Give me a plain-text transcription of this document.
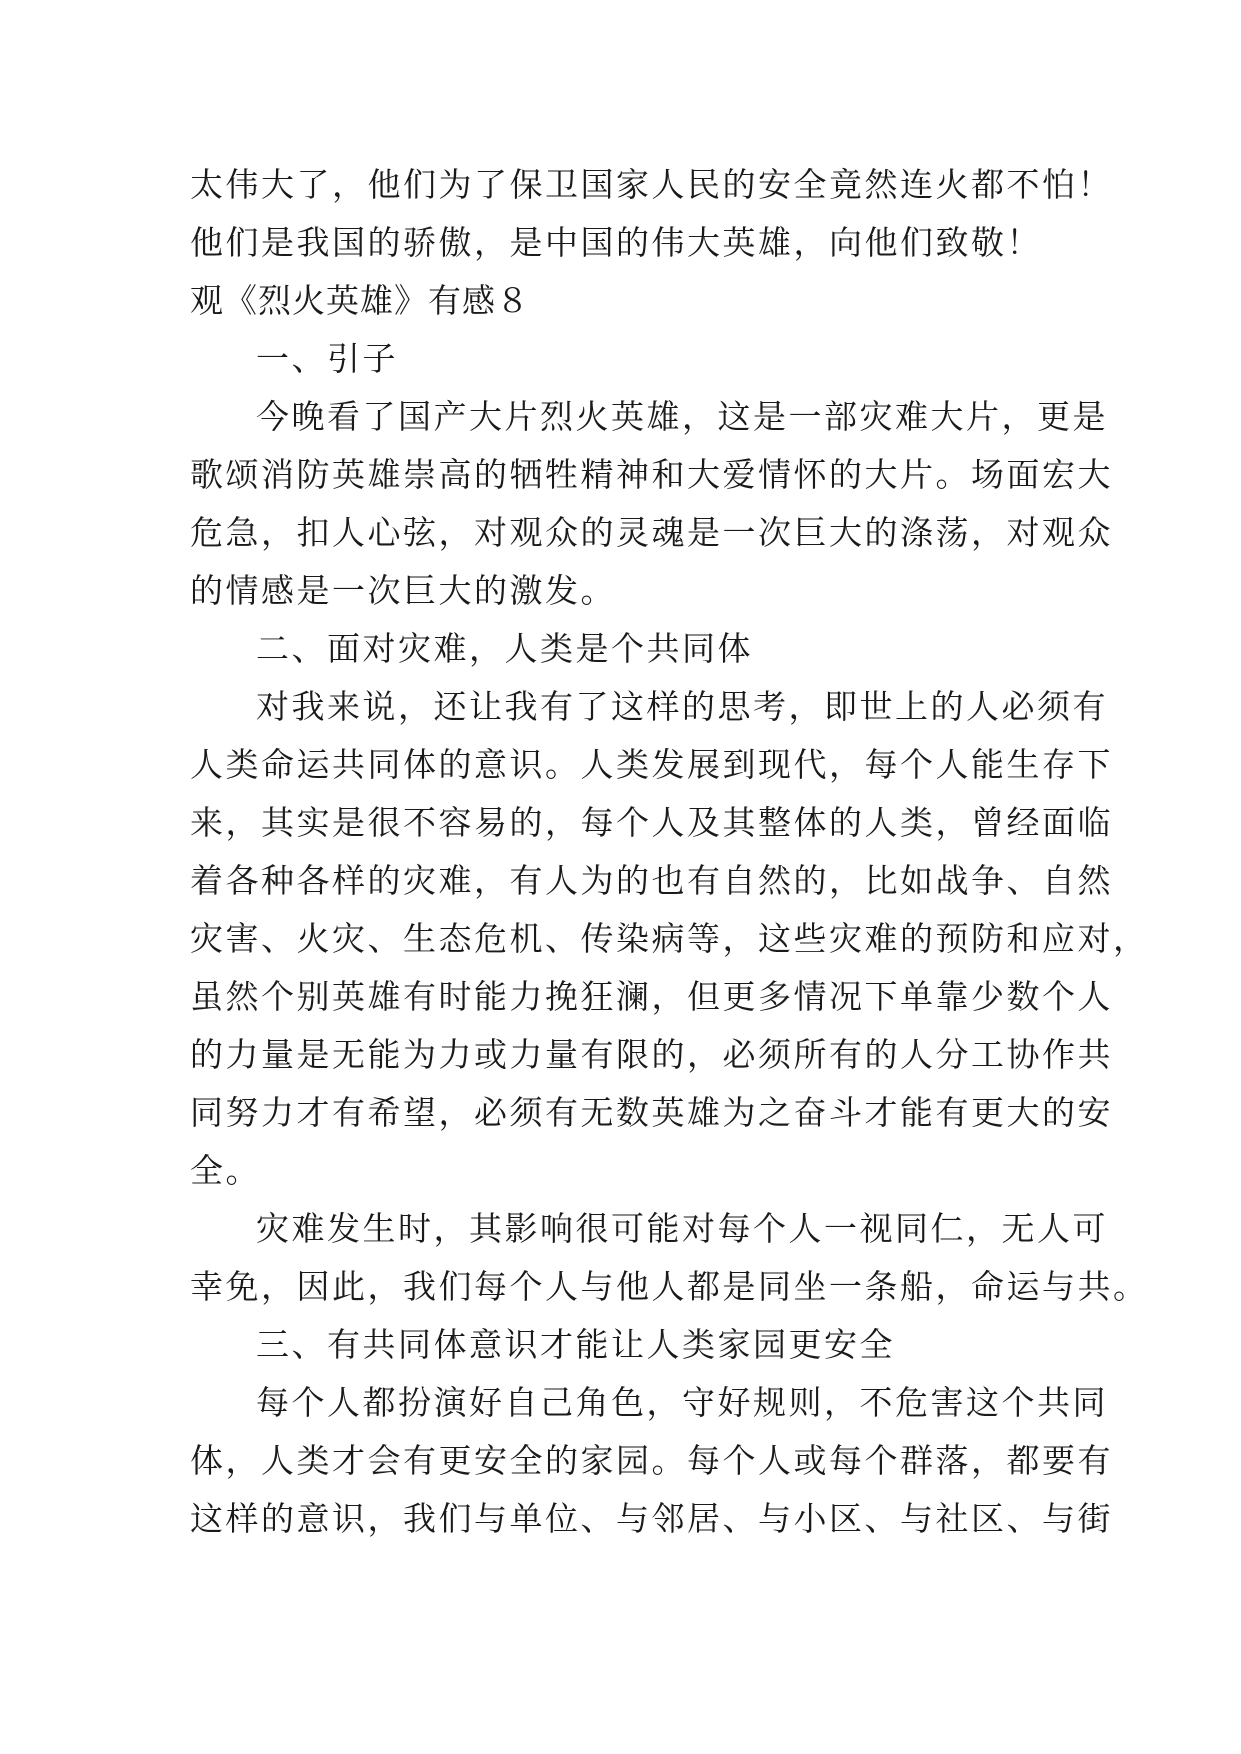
太伟大了，他们为了保卫国家人民的安全竟然连火都不怕！
他们是我国的骄傲，是中国的伟大英雄，向他们致敬！
观《烈火英雄》有感８
一、引子
今晚看了国产大片烈火英雄，这是一部灾难大片，更是
歌颂消防英雄崇高的牺牲精神和大爱情怀的大片。场面宏大
危急，扣人心弦，对观众的灵魂是一次巨大的涤荡，对观众
的情感是一次巨大的激发。
二、面对灾难，人类是个共同体
对我来说，还让我有了这样的思考，即世上的人必须有
人类命运共同体的意识。人类发展到现代，每个人能生存下
来，其实是很不容易的，每个人及其整体的人类，曾经面临
着各种各样的灾难，有人为的也有自然的，比如战争、自然
灾害、火灾、生态危机、传染病等，这些灾难的预防和应对，
虽然个别英雄有时能力挽狂澜，但更多情况下单靠少数个人
的力量是无能为力或力量有限的，必须所有的人分工协作共
同努力才有希望，必须有无数英雄为之奋斗才能有更大的安
全。
灾难发生时，其影响很可能对每个人一视同仁，无人可
幸免，因此，我们每个人与他人都是同坐一条船，命运与共。
三、有共同体意识才能让人类家园更安全
每个人都扮演好自己角色，守好规则，不危害这个共同
体，人类才会有更安全的家园。每个人或每个群落，都要有
这样的意识，我们与单位、与邻居、与小区、与社区、与街
